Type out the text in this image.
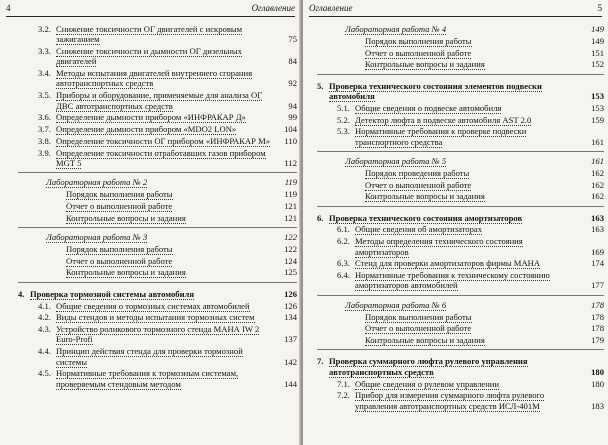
4	Оглавление
3.2. Снижение токсичности ОГ двигателей с искровым зажиганием	75
3.3. Снижение токсичности и дымности ОГ дизельных двигателей	84
3.4. Методы испытания двигателей внутреннего сгорания автотранспортных средств	92
3.5. Приборы и оборудование, применяемые для анализа ОГ ДВС автотранспортных средств	94
3.6. Определение дымности прибором «ИНФРАКАР Д»	99
3.7. Определение дымности прибором «MDO2 LON»	104
3.8. Определение токсичности ОГ прибором «ИНФРАКАР М» 110
3.9. Определение токсичности отработавших газов прибором MGT 5	112
Лабораторная работа № 2	119
Порядок выполнения работы	119
Отчет о выполненной работе	121
Контрольные вопросы и задания	121
Лабораторная работа № 3	122
Порядок выполнения работы	122
Отчет о выполненной работе	124
Контрольные вопросы и задания	125
4. Проверка тормозной системы автомобиля	126
4.1. Общие сведения о тормозных системах автомобилей	126
4.2. Виды стендов и методы испытания тормозных систем	134
4.3. Устройство роликового тормозного стенда МАНА IW 2 Euro-Profi	137
4.4. Принцип действия стенда для проверки тормозной системы	142
4.5. Нормативные требования к тормозным системам, проверяемым стендовым методом	144
Оглавление	5
Лабораторная работа № 4	149
Порядок выполнения работы	149
Отчет о выполненной работе	151
Контрольные вопросы и задания	152
5. Проверка технического состояния элементов подвески автомобиля	153
5.1. Общие сведения о подвеске автомобиля	153
5.2. Детектор люфта в подвеске автомобиля AST 2.0	159
5.3. Нормативные требования к проверке подвески транспортного средства	161
Лабораторная работа № 5	161
Порядок проведения работы	162
Отчет о выполненной работе	162
Контрольные вопросы и задания	162
6. Проверка технического состояния амортизаторов	163
6.1. Общие сведения об амортизаторах	163
6.2. Методы определения технического состояния амортизаторов	169
6.3. Стенд для проверки амортизаторов фирмы МАНА	174
6.4. Нормативные требования к техническому состоянию амортизаторов автомобилей	177
Лабораторная работа № 6	178
Порядок выполнения работы	178
Отчет о выполненной работе	178
Контрольные вопросы и задания	179
7. Проверка суммарного люфта рулевого управления автотранспортных средств	180
7.1. Общие сведения о рулевом управлении	180
7.2. Прибор для измерения суммарного люфта рулевого управления автотранспортных средств ИСЛ-401М	183
